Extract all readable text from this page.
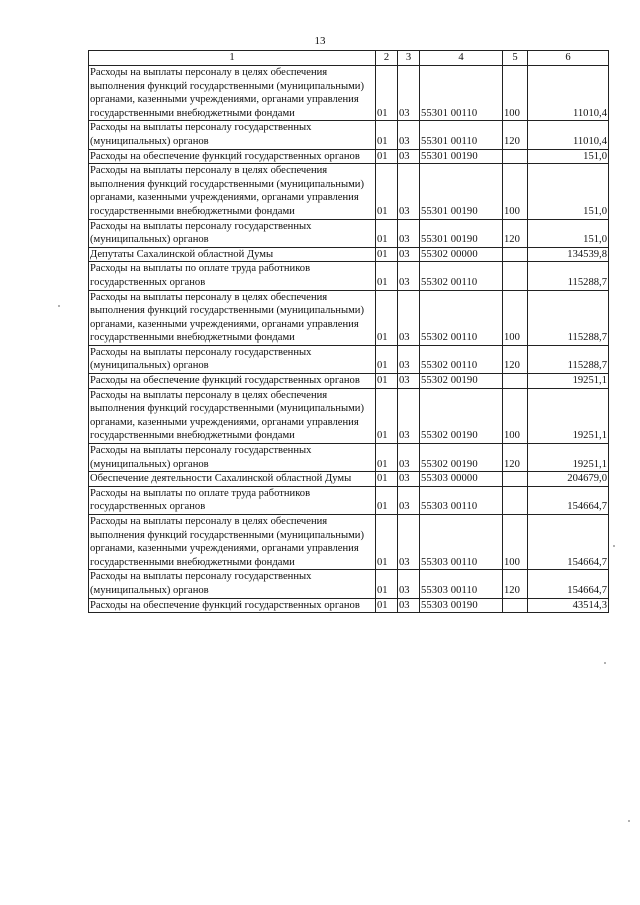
13
1	2	3	4	5	6
Расходы на выплаты персоналу в целях обеспечения выполнения функций государственными (муниципальными) органами, казенными учреждениями, органами управления государственными внебюджетными фондами	01	03	55301 00110	100	11010,4
Расходы на выплаты персоналу государственных (муниципальных) органов	01	03	55301 00110	120	11010,4
Расходы на обеспечение функций государственных органов	01	03	55301 00190		151,0
Расходы на выплаты персоналу в целях обеспечения выполнения функций государственными (муниципальными) органами, казенными учреждениями, органами управления государственными внебюджетными фондами	01	03	55301 00190	100	151,0
Расходы на выплаты персоналу государственных (муниципальных) органов	01	03	55301 00190	120	151,0
Депутаты Сахалинской областной Думы	01	03	55302 00000		134539,8
Расходы на выплаты по оплате труда работников государственных органов	01	03	55302 00110		115288,7
Расходы на выплаты персоналу в целях обеспечения выполнения функций государственными (муниципальными) органами, казенными учреждениями, органами управления государственными внебюджетными фондами	01	03	55302 00110	100	115288,7
Расходы на выплаты персоналу государственных (муниципальных) органов	01	03	55302 00110	120	115288,7
Расходы на обеспечение функций государственных органов	01	03	55302 00190		19251,1
Расходы на выплаты персоналу в целях обеспечения выполнения функций государственными (муниципальными) органами, казенными учреждениями, органами управления государственными внебюджетными фондами	01	03	55302 00190	100	19251,1
Расходы на выплаты персоналу государственных (муниципальных) органов	01	03	55302 00190	120	19251,1
Обеспечение деятельности Сахалинской областной Думы	01	03	55303 00000		204679,0
Расходы на выплаты по оплате труда работников государственных органов	01	03	55303 00110		154664,7
Расходы на выплаты персоналу в целях обеспечения выполнения функций государственными (муниципальными) органами, казенными учреждениями, органами управления государственными внебюджетными фондами	01	03	55303 00110	100	154664,7
Расходы на выплаты персоналу государственных (муниципальных) органов	01	03	55303 00110	120	154664,7
Расходы на обеспечение функций государственных органов	01	03	55303 00190		43514,3
